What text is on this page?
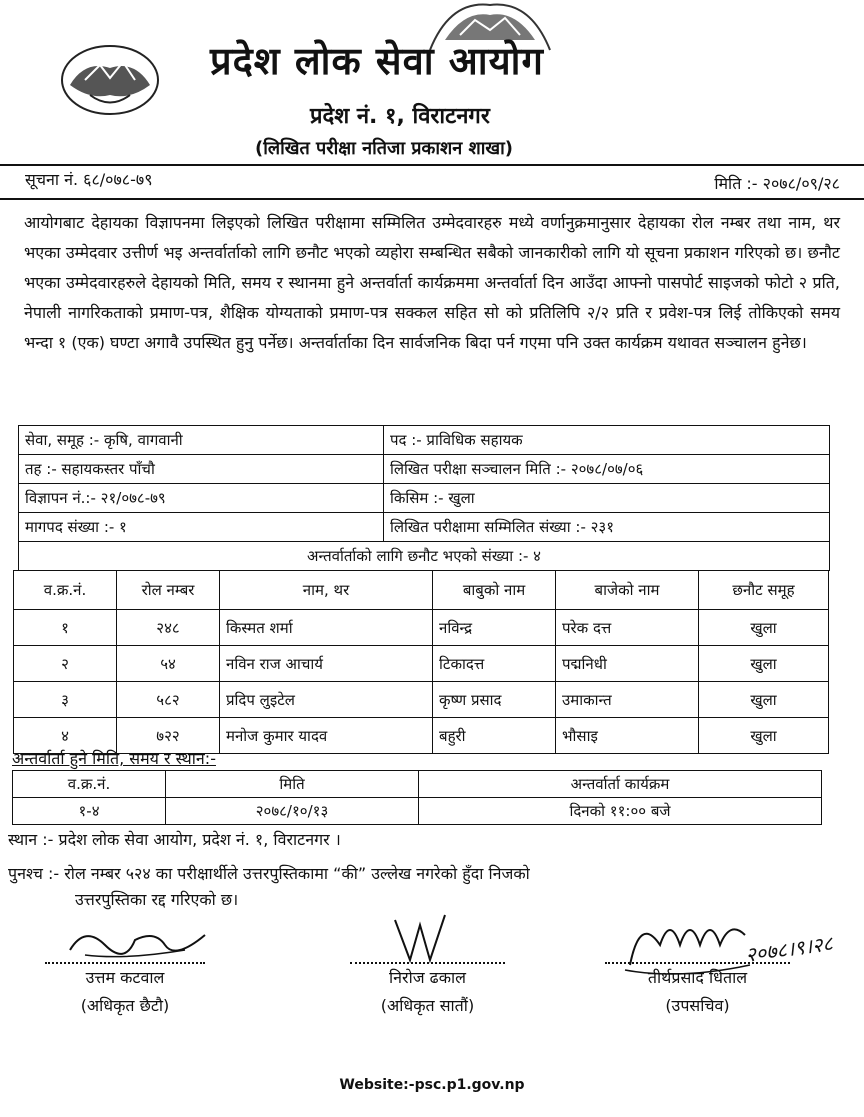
प्रदेश लोक सेवा आयोग
प्रदेश नं. १, विराटनगर
(लिखित परीक्षा नतिजा प्रकाशन शाखा)
सूचना नं. ६८/०७८-७९	मिति :- २०७८/०९/२८
आयोगबाट देहायका विज्ञापनमा लिइएको लिखित परीक्षामा सम्मिलित उम्मेदवारहरु मध्ये वर्णानुक्रमानुसार देहायका रोल नम्बर तथा नाम, थर भएका उम्मेदवार उत्तीर्ण भइ अन्तर्वार्ताको लागि छनौट भएको व्यहोरा सम्बन्धित सबैको जानकारीको लागि यो सूचना प्रकाशन गरिएको छ। छनौट भएका उम्मेदवारहरुले देहायको मिति, समय र स्थानमा हुने अन्तर्वार्ता कार्यक्रममा अन्तर्वार्ता दिन आउँदा आफ्नो पासपोर्ट साइजको फोटो २ प्रति, नेपाली नागरिकताको प्रमाण-पत्र, शैक्षिक योग्यताको प्रमाण-पत्र सक्कल सहित सो को प्रतिलिपि २/२ प्रति र प्रवेश-पत्र लिई तोकिएको समय भन्दा १ (एक) घण्टा अगावै उपस्थित हुनु पर्नेछ। अन्तर्वार्ताका दिन सार्वजनिक बिदा पर्न गएमा पनि उक्त कार्यक्रम यथावत सञ्चालन हुनेछ।
सेवा, समूह :- कृषि, वागवानी	पद :- प्राविधिक सहायक
तह :- सहायकस्तर पाँचौ	लिखित परीक्षा सञ्चालन मिति :- २०७८/०७/०६
विज्ञापन नं.:- २१/०७८-७९	किसिम :- खुला
मागपद संख्या :- १	लिखित परीक्षामा सम्मिलित संख्या :- २३१
अन्तर्वार्ताको लागि छनौट भएको संख्या :- ४	
व.क्र.नं.	रोल नम्बर	नाम, थर	बाबुको नाम	बाजेको नाम	छनौट समूह
१	२४८	किस्मत शर्मा	नविन्द्र	परेक दत्त	खुला
२	५४	नविन राज आचार्य	टिकादत्त	पद्मनिधी	खुला
३	५८२	प्रदिप लुइटेल	कृष्ण प्रसाद	उमाकान्त	खुला
४	७२२	मनोज कुमार यादव	बहुरी	भौसाइ	खुला
अन्तर्वार्ता हुने मिति, समय र स्थान:-
व.क्र.नं.	मिति	अन्तर्वार्ता कार्यक्रम
१-४	२०७८/१०/१३	दिनको ११:०० बजे
स्थान :- प्रदेश लोक सेवा आयोग, प्रदेश नं. १, विराटनगर ।
पुनश्च :- रोल नम्बर ५२४ का परीक्षार्थीले उत्तरपुस्तिकामा “की” उल्लेख नगरेको हुँदा निजको
उत्तरपुस्तिका रद्द गरिएको छ।
२०७८।९।२८
उत्तम कटवाल
(अधिकृत छैटौ)
निरोज ढकाल
(अधिकृत सातौं)
तीर्थप्रसाद धिताल
(उपसचिव)
Website:-psc.p1.gov.np
